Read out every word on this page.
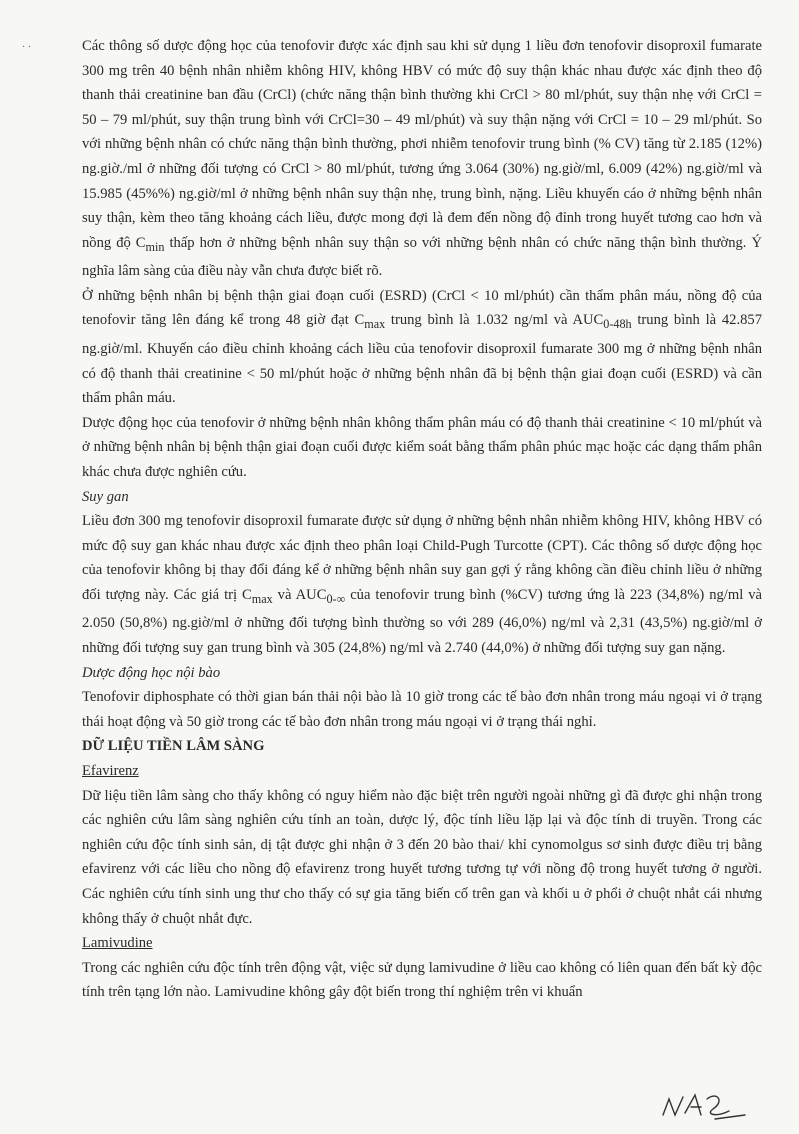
· ·	Các thông số dược động học của tenofovir được xác định sau khi sử dụng 1 liều đơn tenofovir disoproxil fumarate 300 mg trên 40 bệnh nhân nhiễm không HIV, không HBV có mức độ suy thận khác nhau được xác định theo độ thanh thải creatinine ban đầu (CrCl) (chức năng thận bình thường khi CrCl > 80 ml/phút, suy thận nhẹ với CrCl = 50 – 79 ml/phút, suy thận trung bình với CrCl=30 – 49 ml/phút) và suy thận nặng với CrCl = 10 – 29 ml/phút. So với những bệnh nhân có chức năng thận bình thường, phơi nhiễm tenofovir trung bình (% CV) tăng từ 2.185 (12%) ng.giờ./ml ở những đối tượng có CrCl > 80 ml/phút, tương ứng 3.064 (30%) ng.giờ/ml, 6.009 (42%) ng.giờ/ml và 15.985 (45%%) ng.giờ/ml ở những bệnh nhân suy thận nhẹ, trung bình, nặng. Liều khuyến cáo ở những bệnh nhân suy thận, kèm theo tăng khoảng cách liều, được mong đợi là đem đến nồng độ đỉnh trong huyết tương cao hơn và nồng độ $C_{min}$ thấp hơn ở những bệnh nhân suy thận so với những bệnh nhân có chức năng thận bình thường. Ý nghĩa lâm sàng của điều này vẫn chưa được biết rõ.

Ở những bệnh nhân bị bệnh thận giai đoạn cuối (ESRD) (CrCl < 10 ml/phút) cần thẩm phân máu, nồng độ của tenofovir tăng lên đáng kể trong 48 giờ đạt $C_{max}$ trung bình là 1.032 ng/ml và $AUC_{0-48h}$ trung bình là 42.857 ng.giờ/ml. Khuyến cáo điều chỉnh khoảng cách liều của tenofovir disoproxil fumarate 300 mg ở những bệnh nhân có độ thanh thải creatinine < 50 ml/phút hoặc ở những bệnh nhân đã bị bệnh thận giai đoạn cuối (ESRD) và cần thẩm phân máu.

Dược động học của tenofovir ở những bệnh nhân không thẩm phân máu có độ thanh thải creatinine < 10 ml/phút và ở những bệnh nhân bị bệnh thận giai đoạn cuối được kiểm soát bằng thẩm phân phúc mạc hoặc các dạng thẩm phân khác chưa được nghiên cứu.

Suy gan

Liều đơn 300 mg tenofovir disoproxil fumarate được sử dụng ở những bệnh nhân nhiễm không HIV, không HBV có mức độ suy gan khác nhau được xác định theo phân loại Child-Pugh Turcotte (CPT). Các thông số dược động học của tenofovir không bị thay đổi đáng kể ở những bệnh nhân suy gan gợi ý rằng không cần điều chỉnh liều ở những đối tượng này. Các giá trị $C_{max}$ và $AUC_{0-\infty}$ của tenofovir trung bình (%CV) tương ứng là 223 (34,8%) ng/ml và 2.050 (50,8%) ng.giờ/ml ở những đối tượng bình thường so với 289 (46,0%) ng/ml và 2,31 (43,5%) ng.giờ/ml ở những đối tượng suy gan trung bình và 305 (24,8%) ng/ml và 2.740 (44,0%) ở những đối tượng suy gan nặng.

Dược động học nội bào

Tenofovir diphosphate có thời gian bán thải nội bào là 10 giờ trong các tế bào đơn nhân trong máu ngoại vi ở trạng thái hoạt động và 50 giờ trong các tế bào đơn nhân trong máu ngoại vi ở trạng thái nghỉ.

DỮ LIỆU TIỀN LÂM SÀNG

Efavirenz

Dữ liệu tiền lâm sàng cho thấy không có nguy hiểm nào đặc biệt trên người ngoài những gì đã được ghi nhận trong các nghiên cứu lâm sàng nghiên cứu tính an toàn, dược lý, độc tính liều lặp lại và độc tính di truyền. Trong các nghiên cứu độc tính sinh sản, dị tật được ghi nhận ở 3 đến 20 bào thai/ khỉ cynomolgus sơ sinh được điều trị bằng efavirenz với các liều cho nồng độ efavirenz trong huyết tương tương tự với nồng độ trong huyết tương ở người. Các nghiên cứu tính sinh ung thư cho thấy có sự gia tăng biến cố trên gan và khối u ở phổi ở chuột nhắt cái nhưng không thấy ở chuột nhắt đực.

Lamivudine

Trong các nghiên cứu độc tính trên động vật, việc sử dụng lamivudine ở liều cao không có liên quan đến bất kỳ độc tính trên tạng lớn nào. Lamivudine không gây đột biến trong thí nghiệm trên vi khuẩn
